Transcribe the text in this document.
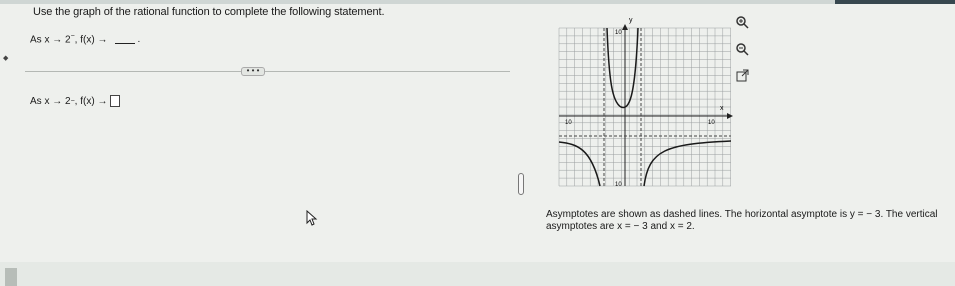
Use the graph of the rational function to complete the following statement.
As x → 2−, f(x) →	.
◆
• • •
As x → 2 − , f(x) →
x
y
10
10
10	10
Asymptotes are shown as dashed lines. The horizontal asymptote is y = − 3. The vertical
asymptotes are x = − 3 and x = 2.
